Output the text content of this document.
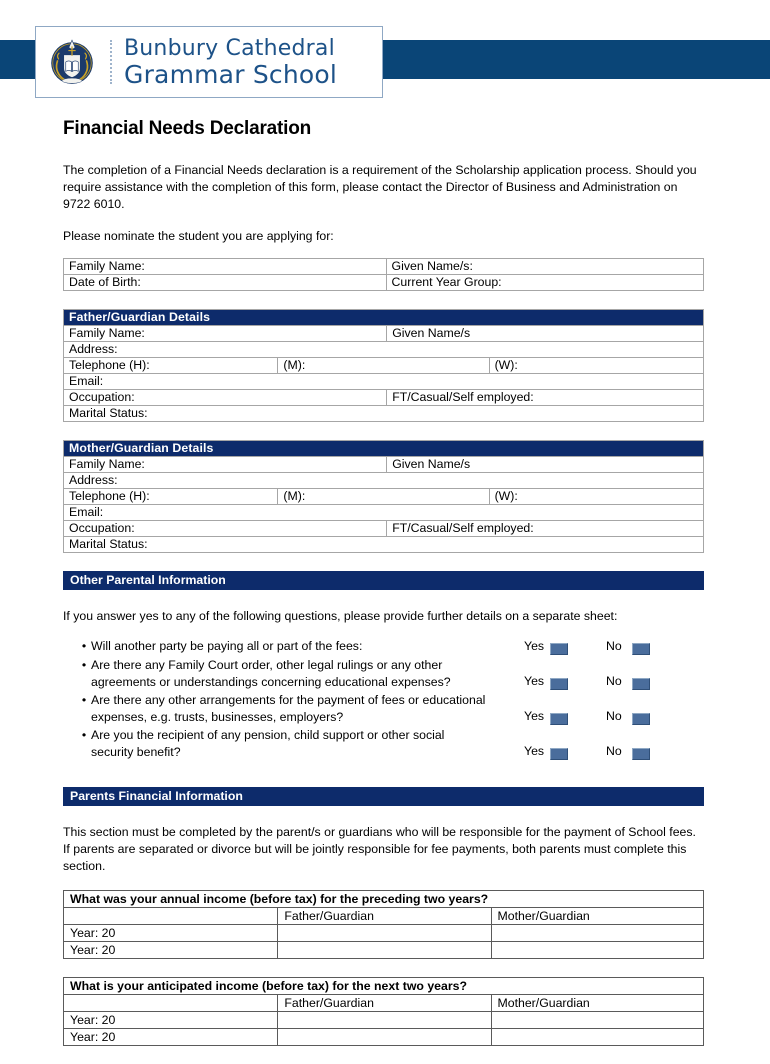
Bunbury Cathedral
Grammar School
Financial Needs Declaration

The completion of a Financial Needs declaration is a requirement of the Scholarship application process. Should you require assistance with the completion of this form, please contact the Director of Business and Administration on 9722 6010.

Please nominate the student you are applying for:

Family Name:	Given Name/s:
Date of Birth:	Current Year Group:
Father/Guardian Details			
Family Name:		Given Name/s	
Address:			
Telephone (H):	(M):		(W):
Email:			
Occupation:		FT/Casual/Self employed:	
Marital Status:			
Mother/Guardian Details			
Family Name:		Given Name/s	
Address:			
Telephone (H):	(M):		(W):
Email:			
Occupation:		FT/Casual/Self employed:	
Marital Status:			
Other Parental Information

If you answer yes to any of the following questions, please provide further details on a separate sheet:

• Will another party be paying all or part of the fees:	Yes	No
• Are there any Family Court order, other legal rulings or any other
agreements or understandings concerning educational expenses?	Yes	No
• Are there any other arrangements for the payment of fees or educational
expenses, e.g. trusts, businesses, employers?	Yes	No
• Are you the recipient of any pension, child support or other social
security benefit?	Yes	No
Parents Financial Information

This section must be completed by the parent/s or guardians who will be responsible for the payment of School fees. If parents are separated or divorce but will be jointly responsible for fee payments, both parents must complete this section.

What was your annual income (before tax) for the preceding two years?		
	Father/Guardian	Mother/Guardian
Year: 20		
Year: 20		
What is your anticipated income (before tax) for the next two years?		
	Father/Guardian	Mother/Guardian
Year: 20		
Year: 20		
